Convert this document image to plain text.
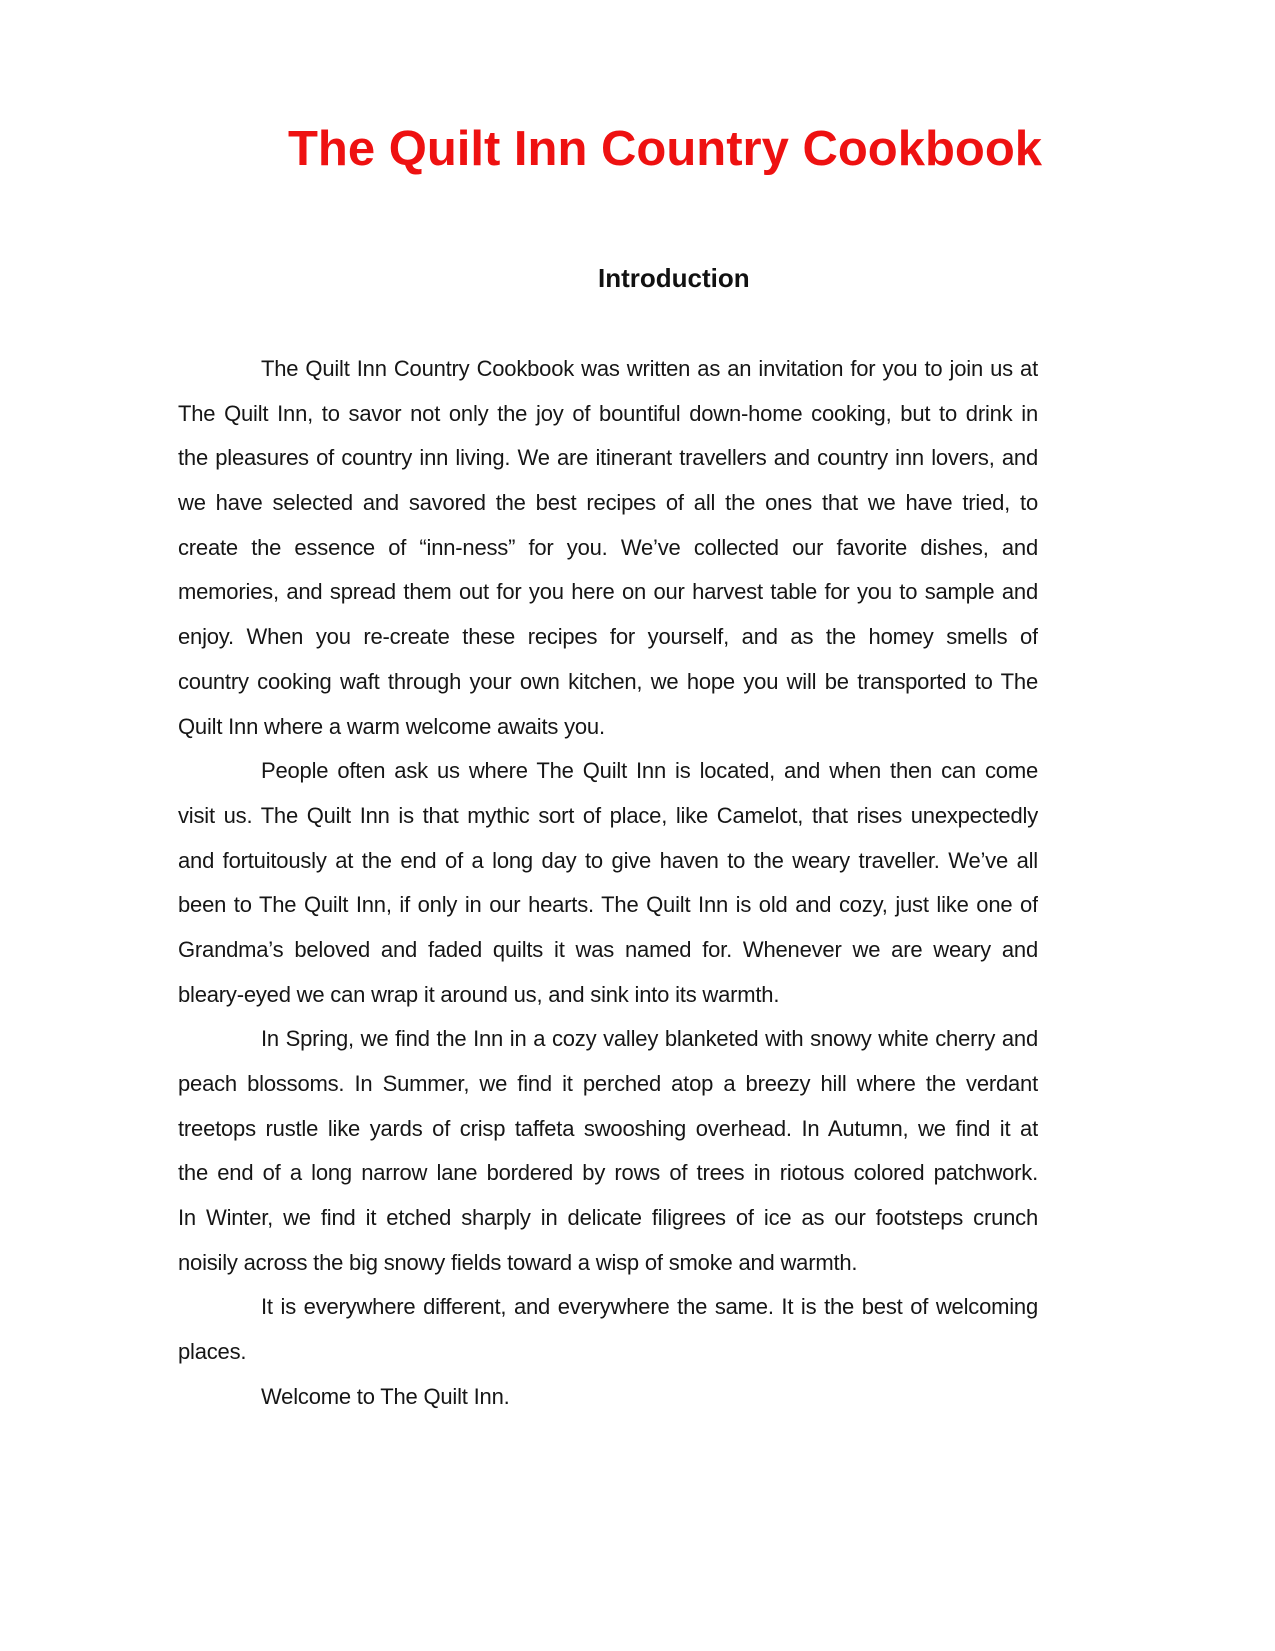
The Quilt Inn Country Cookbook
Introduction
The Quilt Inn Country Cookbook was written as an invitation for you to join us at
The Quilt Inn, to savor not only the joy of bountiful down-home cooking, but to drink in
the pleasures of country inn living. We are itinerant travellers and country inn lovers, and
we have selected and savored the best recipes of all the ones that we have tried, to
create the essence of “inn-ness” for you. We’ve collected our favorite dishes, and
memories, and spread them out for you here on our harvest table for you to sample and
enjoy. When you re-create these recipes for yourself, and as the homey smells of
country cooking waft through your own kitchen, we hope you will be transported to The
Quilt Inn where a warm welcome awaits you.
People often ask us where The Quilt Inn is located, and when then can come
visit us. The Quilt Inn is that mythic sort of place, like Camelot, that rises unexpectedly
and fortuitously at the end of a long day to give haven to the weary traveller. We’ve all
been to The Quilt Inn, if only in our hearts. The Quilt Inn is old and cozy, just like one of
Grandma’s beloved and faded quilts it was named for. Whenever we are weary and
bleary-eyed we can wrap it around us, and sink into its warmth.
In Spring, we find the Inn in a cozy valley blanketed with snowy white cherry and
peach blossoms. In Summer, we find it perched atop a breezy hill where the verdant
treetops rustle like yards of crisp taffeta swooshing overhead. In Autumn, we find it at
the end of a long narrow lane bordered by rows of trees in riotous colored patchwork.
In Winter, we find it etched sharply in delicate filigrees of ice as our footsteps crunch
noisily across the big snowy fields toward a wisp of smoke and warmth.
It is everywhere different, and everywhere the same. It is the best of welcoming
places.
Welcome to The Quilt Inn.
